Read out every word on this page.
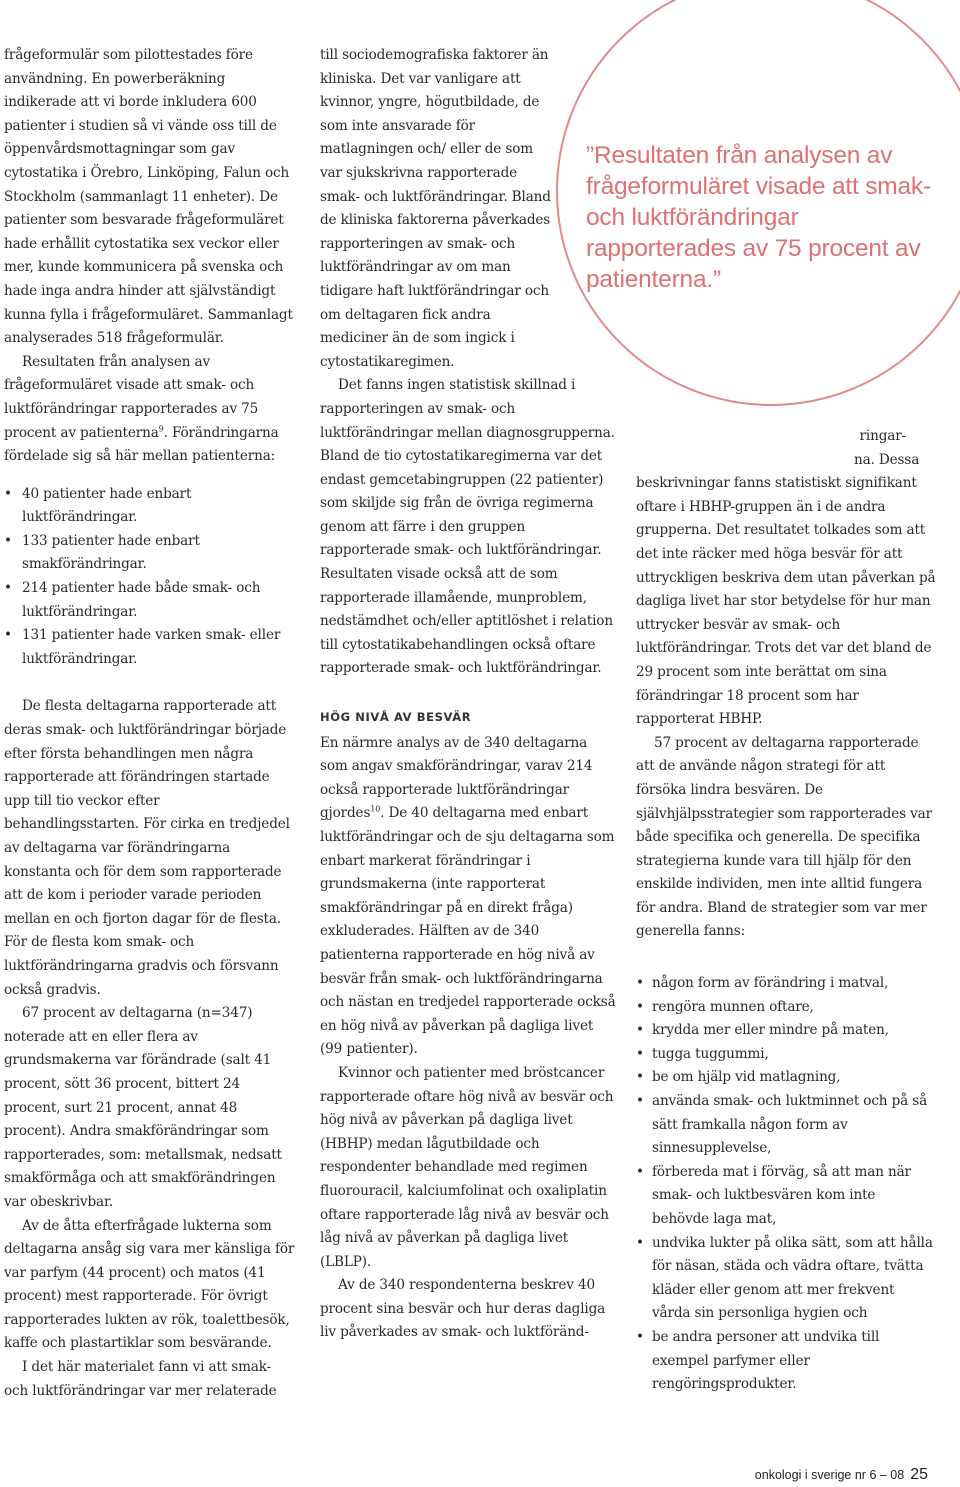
frågeformulär som pilottestades före användning. En powerberäkning indikerade att vi borde inkludera 600 patienter i studien så vi vände oss till de öppenvårdsmottagningar som gav cytostatika i Örebro, Linköping, Falun och Stockholm (sammanlagt 11 enheter). De patienter som besvarade frågeformuläret hade erhållit cytostatika sex veckor eller mer, kunde kommunicera på svenska och hade inga andra hinder att självständigt kunna fylla i frågeformuläret. Sammanlagt analyserades 518 frågeformulär.

Resultaten från analysen av frågeformuläret visade att smak- och luktförändringar rapporterades av 75 procent av patienterna$^9$. Förändringarna fördelade sig så här mellan patienterna:

• 40 patienter hade enbart luktförändringar.
• 133 patienter hade enbart smakförändringar.
• 214 patienter hade både smak- och luktförändringar.
• 131 patienter hade varken smak- eller luktförändringar.

De flesta deltagarna rapporterade att deras smak- och luktförändringar började efter första behandlingen men några rapporterade att förändringen startade upp till tio veckor efter behandlingsstarten. För cirka en tredjedel av deltagarna var förändringarna konstanta och för dem som rapporterade att de kom i perioder varade perioden mellan en och fjorton dagar för de flesta. För de flesta kom smak- och luktförändringarna gradvis och försvann också gradvis.

67 procent av deltagarna (n=347) noterade att en eller flera av grundsmakerna var förändrade (salt 41 procent, sött 36 procent, bittert 24 procent, surt 21 procent, annat 48 procent). Andra smakförändringar som rapporterades, som: metallsmak, nedsatt smakförmåga och att smakförändringen var obeskrivbar.

Av de åtta efterfrågade lukterna som deltagarna ansåg sig vara mer känsliga för var parfym (44 procent) och matos (41 procent) mest rapporterade. För övrigt rapporterades lukten av rök, toalettbesök, kaffe och plastartiklar som besvärande.

I det här materialet fann vi att smak- och luktförändringar var mer relaterade

till sociodemografiska faktorer än kliniska. Det var vanligare att kvinnor, yngre, högutbildade, de som inte ansvarade för matlagningen och/ eller de som var sjukskrivna rapporterade smak- och luktförändringar. Bland de kliniska faktorerna påverkades rapporteringen av smak- och luktförändringar av om man tidigare haft luktförändringar och om deltagaren fick andra mediciner än de som ingick i cytostatikaregimen.

Det fanns ingen statistisk skillnad i rapporteringen av smak- och luktförändringar mellan diagnosgrupperna. Bland de tio cytostatikaregimerna var det endast gemcetabingruppen (22 patienter) som skiljde sig från de övriga regimerna genom att färre i den gruppen rapporterade smak- och luktförändringar. Resultaten visade också att de som rapporterade illamående, munproblem, nedstämdhet och/eller aptitlöshet i relation till cytostatikabehandlingen också oftare rapporterade smak- och luktförändringar.

HÖG NIVÅ AV BESVÄR

En närmre analys av de 340 deltagarna som angav smakförändringar, varav 214 också rapporterade luktförändringar gjordes$^{10}$. De 40 deltagarna med enbart luktförändringar och de sju deltagarna som enbart markerat förändringar i grundsmakerna (inte rapporterat smakförändringar på en direkt fråga) exkluderades. Hälften av de 340 patienterna rapporterade en hög nivå av besvär från smak- och luktförändringarna och nästan en tredjedel rapporterade också en hög nivå av påverkan på dagliga livet (99 patienter).

Kvinnor och patienter med bröstcancer rapporterade oftare hög nivå av besvär och hög nivå av påverkan på dagliga livet (HBHP) medan lågutbildade och respondenter behandlade med regimen fluorouracil, kalciumfolinat och oxaliplatin oftare rapporterade låg nivå av besvär och låg nivå av påverkan på dagliga livet (LBLP).

Av de 340 respondenterna beskrev 40 procent sina besvär och hur deras dagliga liv påverkades av smak- och luktföränd-

”Resultaten från analysen av frågeformuläret visade att smak- och luktförändringar rapporterades av 75 procent av patienterna.”

ringar-

na. Dessa beskrivningar fanns statistiskt signifikant oftare i HBHP-gruppen än i de andra grupperna. Det resultatet tolkades som att det inte räcker med höga besvär för att uttryckligen beskriva dem utan påverkan på dagliga livet har stor betydelse för hur man uttrycker besvär av smak- och luktförändringar. Trots det var det bland de 29 procent som inte berättat om sina förändringar 18 procent som har rapporterat HBHP.

57 procent av deltagarna rapporterade att de använde någon strategi för att försöka lindra besvären. De självhjälpsstrategier som rapporterades var både specifika och generella. De specifika strategierna kunde vara till hjälp för den enskilde individen, men inte alltid fungera för andra. Bland de strategier som var mer generella fanns:

• någon form av förändring i matval,
• rengöra munnen oftare,
• krydda mer eller mindre på maten,
• tugga tuggummi,
• be om hjälp vid matlagning,
• använda smak- och luktminnet och på så sätt framkalla någon form av sinnesupplevelse,
• förbereda mat i förväg, så att man när smak- och luktbesvären kom inte behövde laga mat,
• undvika lukter på olika sätt, som att hålla för näsan, städa och vädra oftare, tvätta kläder eller genom att mer frekvent vårda sin personliga hygien och
• be andra personer att undvika till exempel parfymer eller rengöringsprodukter.
onkologi i sverige nr 6 – 08 25
